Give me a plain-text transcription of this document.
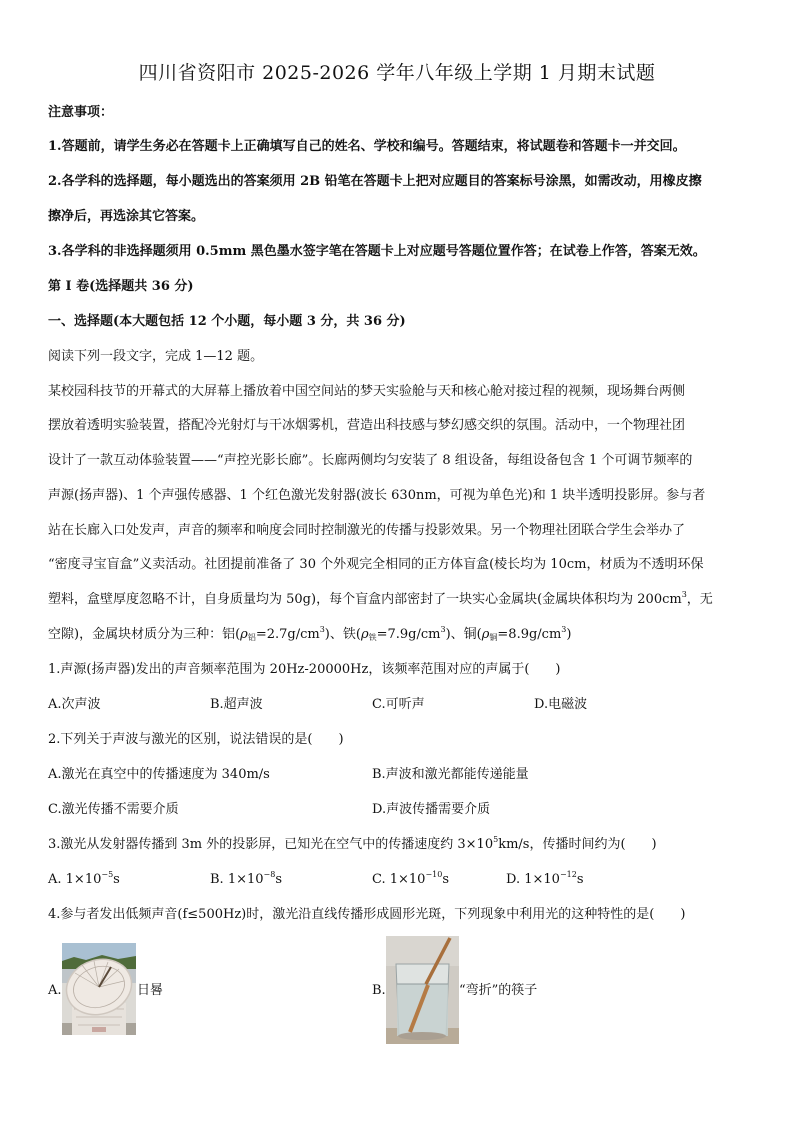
四川省资阳市 2025-2026 学年八年级上学期 1 月期末试题
注意事项：
1.答题前，请学生务必在答题卡上正确填写自己的姓名、学校和编号。答题结束，将试题卷和答题卡一并交回。
2.各学科的选择题，每小题选出的答案须用 2B 铅笔在答题卡上把对应题目的答案标号涂黑，如需改动，用橡皮擦
擦净后，再选涂其它答案。
3.各学科的非选择题须用 0.5mm 黑色墨水签字笔在答题卡上对应题号答题位置作答；在试卷上作答，答案无效。
第 I 卷(选择题共 36 分)
一、选择题(本大题包括 12 个小题，每小题 3 分，共 36 分)
阅读下列一段文字，完成 1—12 题。
某校园科技节的开幕式的大屏幕上播放着中国空间站的梦天实验舱与天和核心舱对接过程的视频，现场舞台两侧
摆放着透明实验装置，搭配冷光射灯与干冰烟雾机，营造出科技感与梦幻感交织的氛围。活动中，一个物理社团
设计了一款互动体验装置——“声控光影长廊”。长廊两侧均匀安装了 8 组设备，每组设备包含 1 个可调节频率的
声源(扬声器)、1 个声强传感器、1 个红色激光发射器(波长 630nm，可视为单色光)和 1 块半透明投影屏。参与者
站在长廊入口处发声，声音的频率和响度会同时控制激光的传播与投影效果。另一个物理社团联合学生会举办了
“密度寻宝盲盒”义卖活动。社团提前准备了 30 个外观完全相同的正方体盲盒(棱长均为 10cm，材质为不透明环保
塑料，盒壁厚度忽略不计，自身质量均为 50g)，每个盲盒内部密封了一块实心金属块(金属块体积均为 $200cm^3$，无
空隙)，金属块材质分为三种：铝$(\rho_铝=2.7g/cm^3)$、铁$(\rho_铁=7.9g/cm^3)$、铜$(\rho_铜=8.9g/cm^3)$
1.声源(扬声器)发出的声音频率范围为 20Hz-20000Hz，该频率范围对应的声属于(　　)
A.次声波	B.超声波	C.可听声	D.电磁波
2.下列关于声波与激光的区别，说法错误的是(　　)
A.激光在真空中的传播速度为 340m/s	B.声波和激光都能传递能量
C.激光传播不需要介质	D.声波传播需要介质
3.激光从发射器传播到 3m 外的投影屏，已知光在空气中的传播速度约 $3\times 10^5km/s$，传播时间约为(　　)
A. $1\times 10^{-5}s$	B. $1\times 10^{-8}s$	C. $1\times 10^{-10}s$	D. $1\times 10^{-12}s$
4.参与者发出低频声音(f≤500Hz)时，激光沿直线传播形成圆形光斑，下列现象中利用光的这种特性的是(　　)
A.	日晷	B.	“弯折”的筷子
